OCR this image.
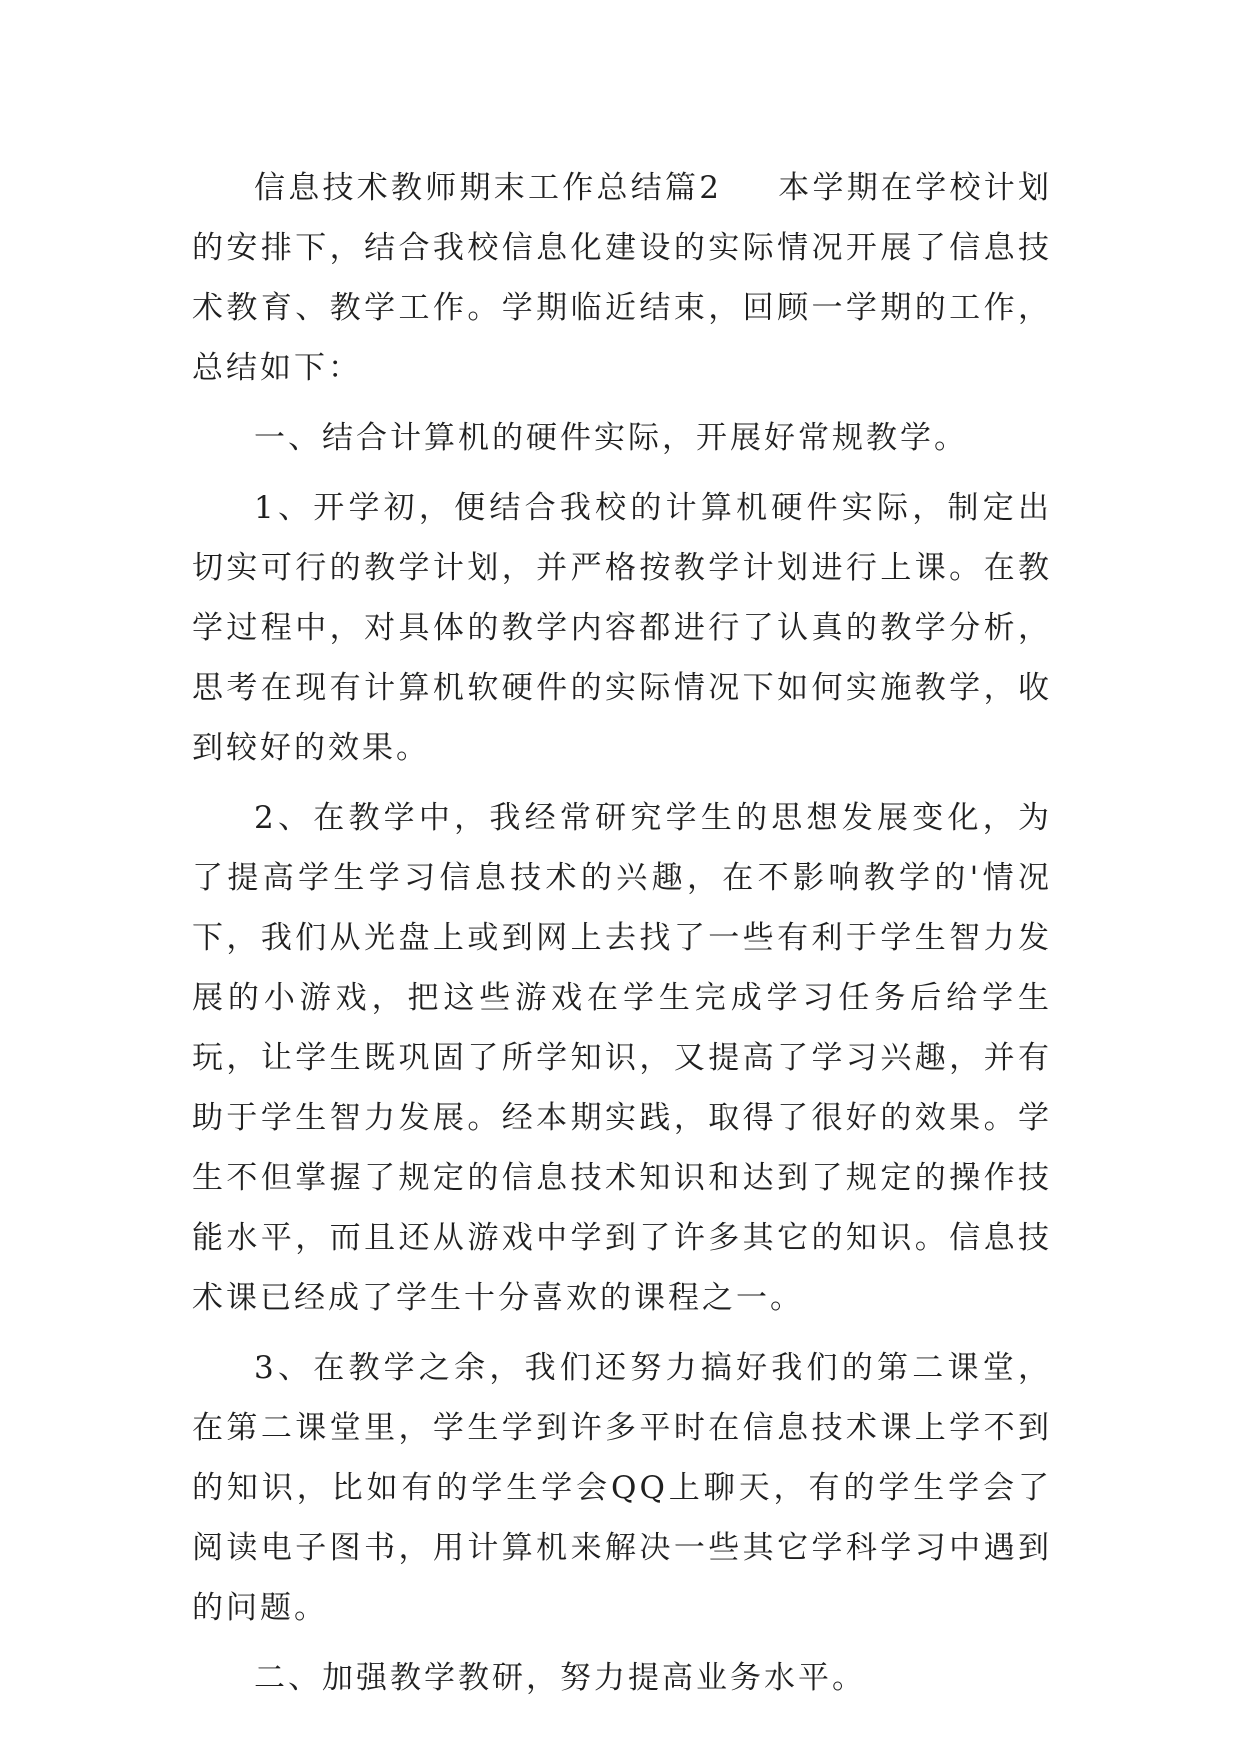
信息技术教师期末工作总结篇2 本学期在学校计划的安排下，结合我校信息化建设的实际情况开展了信息技术教育、教学工作。学期临近结束，回顾一学期的工作，总结如下：

一、结合计算机的硬件实际，开展好常规教学。

1、开学初，便结合我校的计算机硬件实际，制定出切实可行的教学计划，并严格按教学计划进行上课。在教学过程中，对具体的教学内容都进行了认真的教学分析，思考在现有计算机软硬件的实际情况下如何实施教学，收到较好的效果。

2、在教学中，我经常研究学生的思想发展变化，为了提高学生学习信息技术的兴趣，在不影响教学的'情况下，我们从光盘上或到网上去找了一些有利于学生智力发展的小游戏，把这些游戏在学生完成学习任务后给学生玩，让学生既巩固了所学知识，又提高了学习兴趣，并有助于学生智力发展。经本期实践，取得了很好的效果。学生不但掌握了规定的信息技术知识和达到了规定的操作技能水平，而且还从游戏中学到了许多其它的知识。信息技术课已经成了学生十分喜欢的课程之一。

3、在教学之余，我们还努力搞好我们的第二课堂，在第二课堂里，学生学到许多平时在信息技术课上学不到的知识，比如有的学生学会QQ上聊天，有的学生学会了阅读电子图书，用计算机来解决一些其它学科学习中遇到的问题。

二、加强教学教研，努力提高业务水平。
